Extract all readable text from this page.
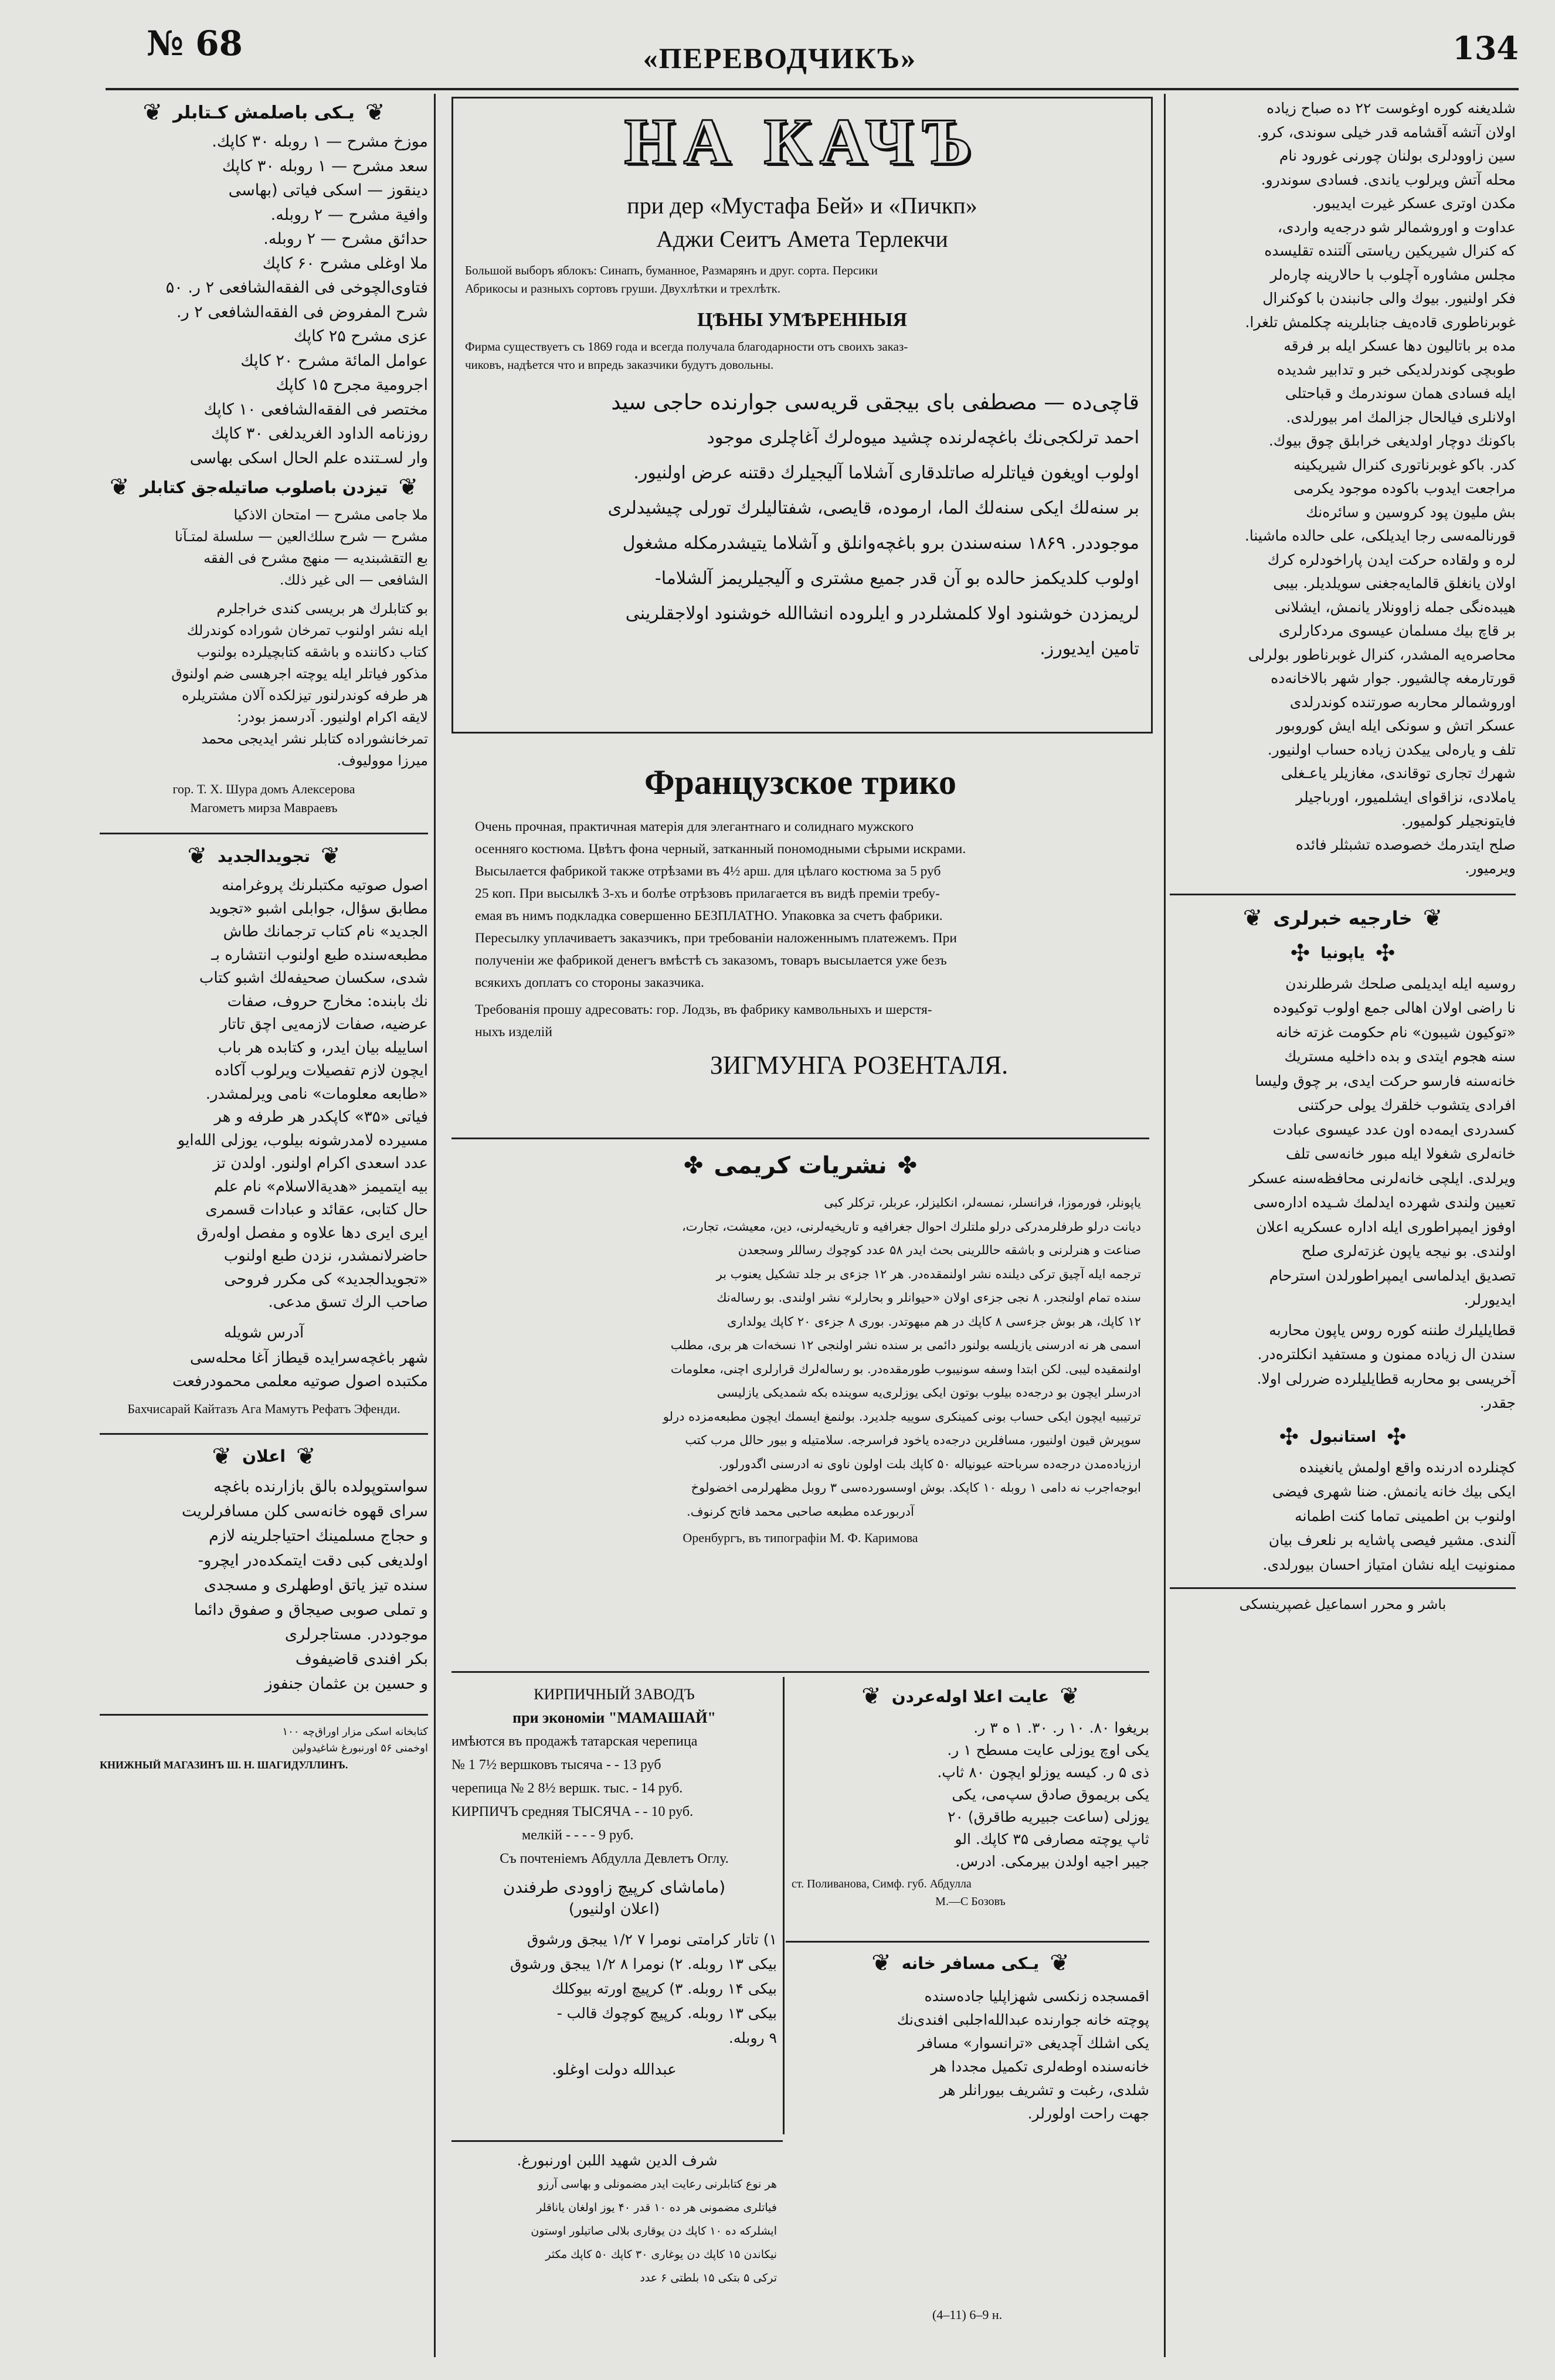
№ 68	«ПЕРЕВОДЧИКЪ»	134
❦
یـکی باصلمش کـتابلر
❦
موزخ مشرح — ۱ روبله ۳۰ کاپك.
سعد مشرح — ۱ روبله ۳۰ کاپك
دینقوز — اسکی فیاتی (بهاسی
وافیة مشرح — ۲ روبله.
حدائق مشرح — ۲ روبله.
ملا اوغلی مشرح ۶۰ کاپك
فتاوی‌الچوخی فی الفقه‌الشافعی ۲ ر. ۵۰
شرح المفروض فی الفقه‌الشافعی ۲ ر.
عزی مشرح ۲۵ کاپك
عوامل المائة مشرح ۲۰ کاپك
اجرومیة مجرح ۱۵ کاپك
مختصر فی الفقه‌الشافعی ۱۰ کاپك
روزنامه الداود الغریدلغی ۳۰ کاپك
وار لسـتنده علم الحال اسکی بهاسی
❦
تیزدن باصلوب صاتیله‌جق کتابلر
❦
ملا جامی مشرح — امتحان الاذکیا
مشرح — شرح سلك‌العین — سلسلة لمتـآنا
بع التقشبندیه — منهج مشرح فی الفقه
الشافعی — الی غیر ذلك.
بو کتابلرك هر بریسی کندی خراجلرم
ایله نشر اولنوب تمرخان شوراده کوندرلك
کتاب دکاننده و باشقه کتابچیلرده بولنوب
مذکور فیاتلر ایله یوچته اجرهسی ضم اولنوق
هر طرفه کوندرلنور تیزلکده آلان مشتریلره
لایقه اکرام اولنیور. آدرسمز بودر:
تمرخانشوراده کتابلر نشر ایدیجی محمد
میرزا موولیوف.
гор. Т. Х. Шура домъ Алексерова
Магометъ мирза Мавраевъ
❦
تجویدالجدید
❦
اصول صوتیه مکتبلرنك پروغرامنه
مطابق سؤال، جوابلی اشبو «تجوید
الجدید» نام کتاب ترجمانك طاش
مطبعه‌سنده طبع اولنوب انتشاره بـ
شدی، سکسان صحیفه‌لك اشبو کتاب
نك بابنده: مخارج حروف، صفات
عرضیه، صفات لازمه‌یی اچق تاتار
اساییله بیان ایدر، و کتابده هر باب
ایچون لازم تفصیلات ویرلوب آکاده
«طابعه معلومات» نامی ویرلمشدر.
فیاتی «۳۵» کاپکدر هر طرفه و هر
مسیرده لامدرشونه بیلوب، یوزلی الله‌ایو
عدد اسعدی اکرام اولنور. اولدن تز
بیه ایتمیمز «هدیةالاسلام» نام علم
حال کتابی، عقائد و عبادات قسمری
ایری ایری دها علاوه و مفصل اولەرق
حاضرلانمشدر، نزدن طبع اولنوب
«تجویدالجدید» کی مکرر فروحی
صاحب الرك تسق مدعی.
آدرس شویله
شهر باغچه‌سرایده قیطاز آغا محله‌سی
مکتبده اصول صوتیه معلمی محمودرفعت
Бахчисарай Кайтазъ Ага Мамутъ Рефатъ Эфенди.
❦
اعلان
❦
سواستوپولده بالق بازارنده باغچه
سرای قهوه خانه‌سی کلن مسافرلریت
و حجاج مسلمینك احتیاجلرینه لازم
اولدیغی کبی دقت ایتمکده‌در ایچرو-
سنده تیز یاتق اوطهلری و مسجدی
و تملی صوبی صیجاق و صفوق دائما
موجوددر. مستاجرلری
بکر افندی قاضیفوف
و حسین بن عثمان جنفوز
کتابخانه اسکی مزار اوراق‌چه ۱۰۰
اوخمنی ۵۶ اورنبورغ شاغیدولین
КНИЖНЫЙ МАГАЗИНЪ Ш. Н. ШАГИДУЛЛИНЪ.
НА КАЧЪ
при дер «Мустафа Бей» и «Пичкп»
Аджи Сеитъ Амета Терлекчи
Большой выборъ яблокъ: Синапъ, буманное, Размарянъ и друг. сорта. Персики
Абрикосы и разныхъ сортовъ груши. Двухлѣтки и трехлѣтк.
ЦѢНЫ УМѢРЕННЫЯ
Фирма существуетъ съ 1869 года и всегда получала благодарности отъ своихъ заказ-
чиковъ, надѣется что и впредь заказчики будутъ довольны.
قاچی‌ده — مصطفی بای بیجقی قریه‌سی جوارنده حاجی سید
احمد ترلکجی‌نك باغچه‌لرنده چشید میوه‌لرك آغاچلری موجود
اولوب اویغون فیاتلرله صاتلدقاری آشلاما آلیجیلرك دقتنه عرض اولنیور.
بر سنه‌لك ایکی سنه‌لك الما، ارموده، قایصی، شفتالیلرك تورلی چیشیدلری
موجوددر. ۱۸۶۹ سنه‌سندن برو باغچه‌وانلق و آشلاما یتیشدرمکله مشغول
اولوب کلدیکمز حالده بو آن قدر جمیع مشتری و آلیجیلریمز آلشلاما-
لریمزدن خوشنود اولا کلمشلردر و ایلروده انشاالله خوشنود اولاجقلرینی
تامین ایدیورز.
Французское трико
Очень прочная, практичная матерія для элегантнаго и солиднаго мужского
осенняго костюма. Цвѣтъ фона черный, затканный пономодными сѣрыми искрами.
Высылается фабрикой также отрѣзами въ 4½ арш. для цѣлаго костюма за 5 руб
25 коп. При высылкѣ 3-хъ и болѣе отрѣзовъ прилагается въ видѣ преміи требу-
емая въ нимъ подкладка совершенно БЕЗПЛАТНО. Упаковка за счетъ фабрики.
Пересылку уплачиваетъ заказчикъ, при требованіи наложеннымъ платежемъ. При
полученіи же фабрикой денегъ вмѣстѣ съ заказомъ, товаръ высылается уже безъ
всякихъ доплатъ со стороны заказчика.
Требованія прошу адресовать: гор. Лодзь, въ фабрику камвольныхъ и шерстя-
ныхъ изделій
ЗИГМУНГА РОЗЕНТАЛЯ.
✤
نشریات کریمی
✤
یاپونلر، فورموزا، فرانسلر، نمسەلر، انکلیزلر، عربلر، ترکلر کبی
دیانت درلو طرفلرمدرکی درلو ملتلرك احوال جغرافیه و تاریخیه‌لرنی، دین، معیشت، تجارت،
صناعت و هنرلرنی و باشقه حاللرینی بحث ایدر ۵۸ عدد کوچوك رساللر وسجعدن
ترجمه ایله آچیق ترکی دیلنده نشر اولنمقده‌در. هر ۱۲ جزءی بر جلد تشکیل یعنوب بر
سنده تمام اولنجدر. ۸ نجی جزءی اولان «حیوانلر و بحارلر» نشر اولندی. بو رساله‌نك
۱۲ کاپك، هر بوش جزءسی ۸ کاپك در هم مبهوتدر. بوری ۸ جزءی ۲۰ کاپك یولداری
اسمی هر نه ادرسنی یازیلسه بولنور دائمی بر سنده نشر اولنجی ۱۲ نسخه‌ات هر بری، مطلب
اولنمقیده لیبی. لکن ابتدا وسفه سونیبوب طورمقده‌در. بو رساله‌لرك قرارلری اچنی، معلومات
ادرسلر ایچون بو درجه‌ده بیلوب بوتون ایکی یوزلری‌یه سوینده بکه شمدیکی یازلیسی
ترتیبیه ایچون ایکی حساب بونی کمینکری سوییه جلدیرد. بولنمغ ایسمك ایچون مطبعه‌مزده درلو
سوپرش قیون اولنیور، مسافلرین درجه‌ده یاخود فراسرجه. سلامتیله و بیور حالل مرب کتب
ارزیاده‌مدن درجه‌ده سرباحته عیونیاله ۵۰ کاپك بلت اولون ناوی نه ادرسنی اگدورلور.
ابوجه‌اجرب نه دامی ۱ روبله ۱۰ کاپکد. بوش اوسسورده‌سی ۳ روبل مظهرلرمی اخضولوخ
آدربورعده مطبعه صاحبی محمد فاتح کرنوف.
Оренбургъ, въ типографіи М. Ф. Каримова
КИРПИЧНЫЙ ЗАВОДЪ
при экономіи "МАМАШАЙ"
имѣются въ продажѣ татарская черепица
№ 1 7½ вершковъ тысяча - - 13 руб
черепица № 2 8½ вершк. тыс. - 14 руб.
КИРПИЧЪ средняя ТЫСЯЧА - - 10 руб.
мелкій - - - - 9 руб.
Съ почтеніемъ Абдулла Девлетъ Оглу.
(ماماشای کرپیچ زاوودی طرفندن
(اعلان اولنیور)
۱) تاتار کرامتی نومرا ۷ ۱/۲ یبجق ورشوق
بیکی ۱۳ روبله. ۲) نومرا ۸ ۱/۲ یبجق ورشوق
بیکی ۱۴ روبله. ۳) کرپیچ اورته بیوکلك
بیکی ۱۳ روبله. کرپیچ کوچوك قالب -
۹ روبله.
عبدالله دولت اوغلو.
❦
عایت اعلا اولەعردن
❦
بریغوا ۸۰. ۱۰ ر. ۳۰. ۱ ه ۳ ر.
یکی اوچ یوزلی عایت مسطح ۱ ر.
ذی ۵ ر. کیسه یوزلو ایچون ۸۰ ثاپ.
یکی بریموق صادق سپ‌می، یکی
یوزلی (ساعت جبیریه طاقرق) ۲۰
ثاپ یوچته مصارفی ۳۵ کاپك. الو
جیبر اجیه اولدن بیرمکی. ادرس.
ст. Поливанова, Симф. губ. Абдулла
М.—С Бозовъ
❦
یـکی مسافر خانه
❦
اقمسجده زنکسی شهزا‌پلیا جادەسنده
پوچته خانه جوارنده عبدالله‌اجلبی افندی‌نك
یکی اشلك آچدیغی «ترانسوار» مسافر
خانه‌سنده اوطه‌لری تکمیل مجددا هر
شلدی، رغبت و تشریف بیورانلر هر
جهت راحت اولورلر.
(4–11) 6–9 н.
شرف الدین شهید اللبن اورنبورغ.
هر نوع کتابلرنی رعایت ایدر مضمونلی و بهاسی آرزو
فیاتلری مضمونی هر ده ۱۰ قدر ۴۰ یوز اولغان یاناقلر
ایشلرکه ده ۱۰ کاپك دن یوقاری بلالی صاتیلور اوستون
نیکاندن ۱۵ کاپك دن یوغاری ۳۰ کاپك ۵۰ کاپك مكثر
ترکی ۵ بتکی ۱۵ بلطتی ۶ عدد
شلدیغنه کوره اوغوست ۲۲ ده صباح زیاده
اولان آتشه آقشامه قدر خیلی سوندی، کرو.
سین زاوودلری بولنان چورنی غورود نام
محله آتش ویرلوب یاندی. فسادی سوندرو.
مکدن اوتری عسکر غیرت ایدیبور.
عداوت و اوروشمالر شو درجه‌یه واردی،
که کنرال شیریکین ریاستی آلتنده تقلیسده
مجلس مشاوره آچلوب با حالارینه چارەلر
فکر اولنیور. بیوك والی جانبندن با کوکنرال
غوبرناطوری قادەیف جنابلرینه چکلمش تلغرا.
مده بر باتالیون دها عسکر ایله بر فرقه
طوبچی کوندرلدیکی خبر و تدابیر شدیده
ایله فسادی همان سوندرمك و قباحتلی
اولانلری فیالحال جزالمك امر بیورلدی.
باکونك دوچار اولدیغی خرابلق چوق بیوك.
کدر. باکو غوبرناتوری کنرال شیریکینه
مراجعت ایدوب باکوده موجود یکرمی
بش ملیون پود کروسین و سائرەنك
قورنالمەسی رجا ایدیلکی، علی حالده ماشینا.
لره و ولقاده حرکت ایدن پاراخودلره کرك
اولان یانغلق قالمایه‌جغنی سویلدیلر. بیبی
هیبدەنگی جمله زاوونلار یانمش، ایشلانی
بر قاچ بیك مسلمان عیسوی مردکارلری
محاصرەیه المشدر، کنرال غوبرناطور بولرلی
قورتارمغه چالشیور. جوار شهر بالاخانه‌ده
اورو‌شمالر محاربه صورتنده کوندرلدی
عسکر اتش و سونکی ایله ایش کوروبور
تلف و یارەلی ییکدن زیاده حساب اولنیور.
شهرك تجاری توقاندی، مغازیلر یاعـغلی
یاملادی، نزاقوای ایشلمیور، اورباجیلر
فایتونجیلر کولمیور.
صلح ایتدرمك خصوصده تشبثلر فائده
ویرمیور.
❦
خارجیه خبرلری
❦
✣
یاپونیا
✣
روسیه ایله ایدیلمی صلحك شرطلرندن
نا راضی اولان اهالی جمع اولوب توکیوده
«توکیون شیبون» نام حکومت غزته خانه
سنه هجوم ایتدی و بده داخلیه مستریك
خانه‌سنه فارسو حرکت ایدی، بر چوق ولیسا
افرادی یتشوب خلقرك یولی حرکتنی
کسدردی ایمه‌ده اون عدد عیسوی عبادت
خانه‌لری شغولا ایله مبور خانه‌سی تلف
ویرلدی. ایلچی خانه‌لرنی محافظه‌سنه عسکر
تعیین ولندی شهرده ایدلمك شـیده ادارەسی
اوفوز ایمپراطوری ایله ادارە عسکریه اعلان
اولندی. بو نیجه یاپون غزته‌لری صلح
تصدیق ایدلماسی ایمپراطورلدن استرحام
ایدیورلر.
قطایلیلرك طننه کوره روس یاپون محاربه
سندن ال زیاده ممنون و مستفید انکلترەدر.
آخریسی بو محاربه قطایلیلرده ضررلی اولا.
جقدر.
✣
استانبول
✣
کچنلرده ادرنده واقع اولمش یانغینده
ایکی بیك خانه یانمش. ضنا شهری فیضی
اولنوب بن اطمینی تماما کنت اطمانه
آلندی. مشیر فیصی پاشایه بر نلعرف بیان
ممنونیت ایله نشان امتیاز احسان بیورلدی.
باشر و محرر اسماعیل غصپرینسکی
